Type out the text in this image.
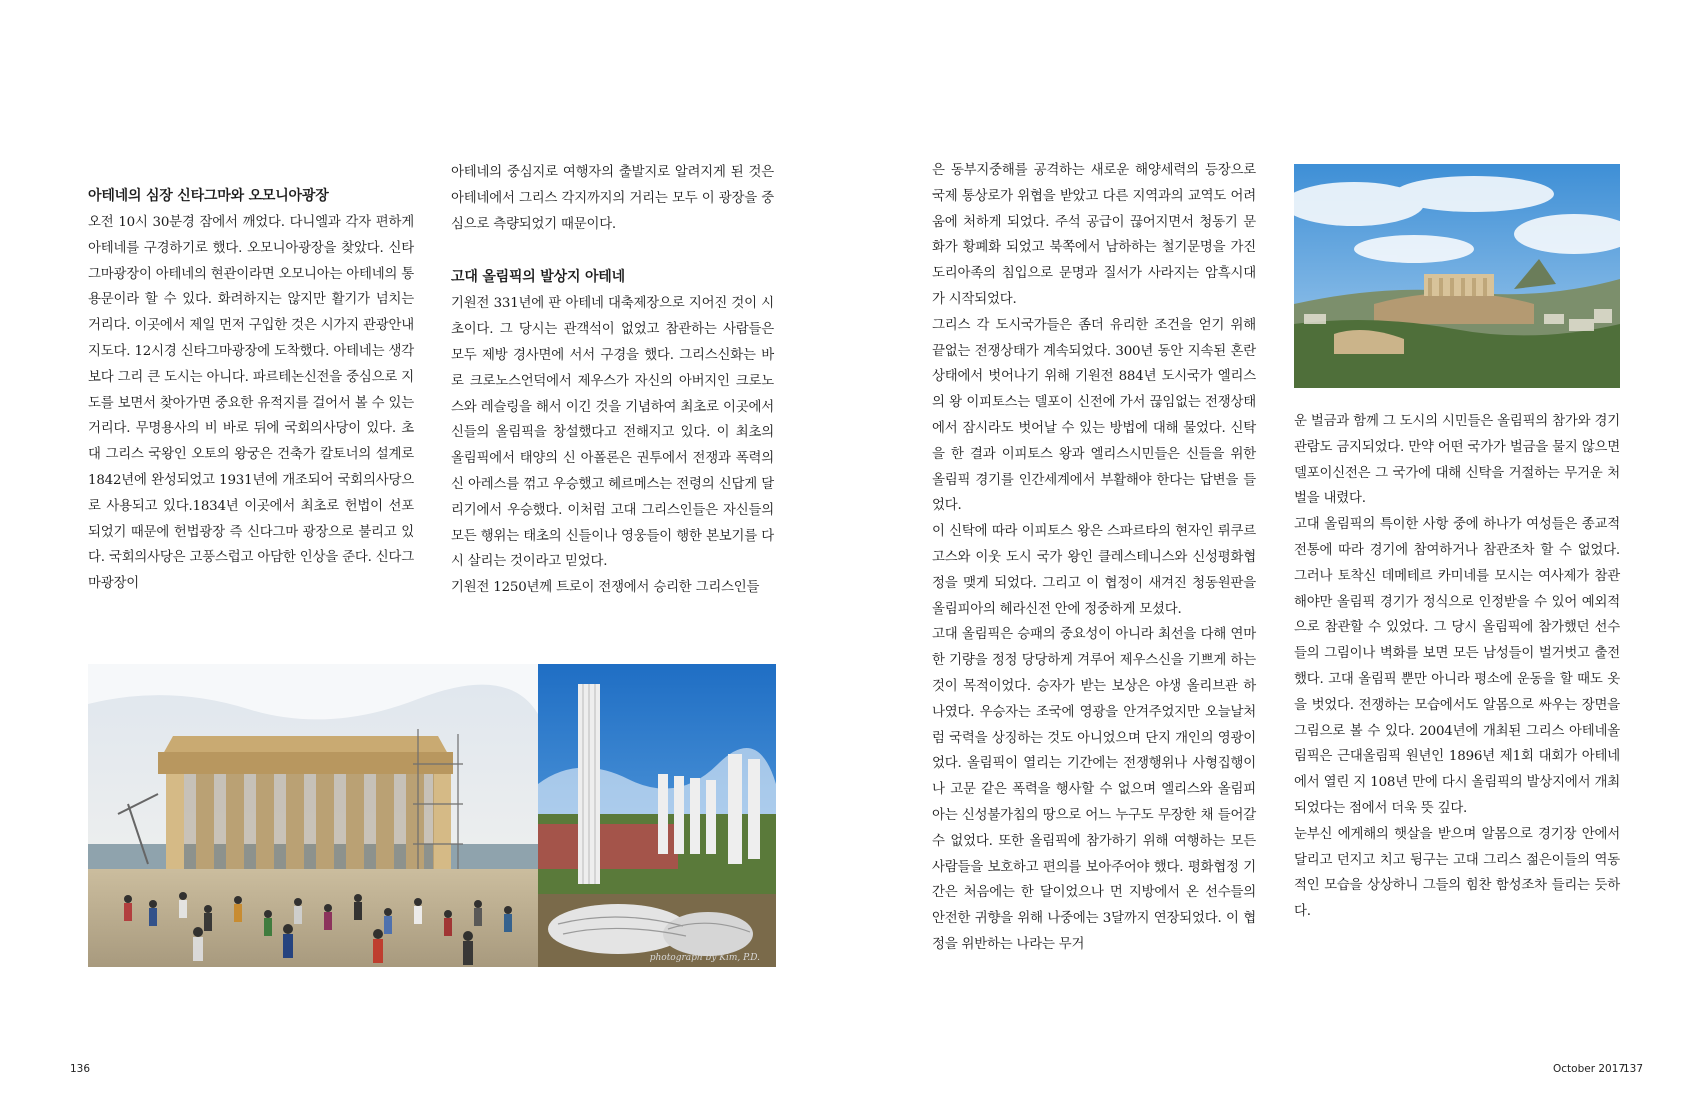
아테네의 심장 신타그마와 오모니아광장

오전 10시 30분경 잠에서 깨었다. 다니엘과 각자 편하게 아테네를 구경하기로 했다. 오모니아광장을 찾았다. 신타그마광장이 아테네의 현관이라면 오모니아는 아테네의 통용문이라 할 수 있다. 화려하지는 않지만 활기가 넘치는 거리다. 이곳에서 제일 먼저 구입한 것은 시가지 관광안내 지도다. 12시경 신타그마광장에 도착했다. 아테네는 생각보다 그리 큰 도시는 아니다. 파르테논신전을 중심으로 지도를 보면서 찾아가면 중요한 유적지를 걸어서 볼 수 있는 거리다. 무명용사의 비 바로 뒤에 국회의사당이 있다. 초대 그리스 국왕인 오토의 왕궁은 건축가 칼토너의 설계로 1842년에 완성되었고 1931년에 개조되어 국회의사당으로 사용되고 있다.1834년 이곳에서 최초로 헌법이 선포되었기 때문에 헌법광장 즉 신다그마 광장으로 불리고 있다. 국회의사당은 고풍스럽고 아담한 인상을 준다. 신다그마광장이

아테네의 중심지로 여행자의 출발지로 알려지게 된 것은 아테네에서 그리스 각지까지의 거리는 모두 이 광장을 중심으로 측량되었기 때문이다.

고대 올림픽의 발상지 아테네

기원전 331년에 판 아테네 대축제장으로 지어진 것이 시초이다. 그 당시는 관객석이 없었고 참관하는 사람들은 모두 제방 경사면에 서서 구경을 했다. 그리스신화는 바로 크로노스언덕에서 제우스가 자신의 아버지인 크로노스와 레슬링을 해서 이긴 것을 기념하여 최초로 이곳에서 신들의 올림픽을 창설했다고 전해지고 있다. 이 최초의 올림픽에서 태양의 신 아폴론은 권투에서 전쟁과 폭력의 신 아레스를 꺾고 우승했고 헤르메스는 전령의 신답게 달리기에서 우승했다. 이처럼 고대 그리스인들은 자신들의 모든 행위는 태초의 신들이나 영웅들이 행한 본보기를 다시 살리는 것이라고 믿었다.

기원전 1250년께 트로이 전쟁에서 승리한 그리스인들

photograph by Kim, P.D.
136

은 동부지중해를 공격하는 새로운 해양세력의 등장으로 국제 통상로가 위협을 받았고 다른 지역과의 교역도 어려움에 처하게 되었다. 주석 공급이 끊어지면서 청동기 문화가 황폐화 되었고 북쪽에서 남하하는 철기문명을 가진 도리아족의 침입으로 문명과 질서가 사라지는 암흑시대가 시작되었다.

그리스 각 도시국가들은 좀더 유리한 조건을 얻기 위해 끝없는 전쟁상태가 계속되었다. 300년 동안 지속된 혼란 상태에서 벗어나기 위해 기원전 884년 도시국가 엘리스의 왕 이피토스는 델포이 신전에 가서 끊임없는 전쟁상태에서 잠시라도 벗어날 수 있는 방법에 대해 물었다. 신탁을 한 결과 이피토스 왕과 엘리스시민들은 신들을 위한 올림픽 경기를 인간세계에서 부활해야 한다는 답변을 들었다.

이 신탁에 따라 이피토스 왕은 스파르타의 현자인 뤼쿠르고스와 이웃 도시 국가 왕인 클레스테니스와 신성평화협정을 맺게 되었다. 그리고 이 협정이 새겨진 청동원판을 올림피아의 헤라신전 안에 정중하게 모셨다.

고대 올림픽은 승패의 중요성이 아니라 최선을 다해 연마한 기량을 정정 당당하게 겨루어 제우스신을 기쁘게 하는 것이 목적이었다. 승자가 받는 보상은 야생 올리브관 하나였다. 우승자는 조국에 영광을 안겨주었지만 오늘날처럼 국력을 상징하는 것도 아니었으며 단지 개인의 영광이었다. 올림픽이 열리는 기간에는 전쟁행위나 사형집행이나 고문 같은 폭력을 행사할 수 없으며 엘리스와 올림피아는 신성불가침의 땅으로 어느 누구도 무장한 채 들어갈 수 없었다. 또한 올림픽에 참가하기 위해 여행하는 모든 사람들을 보호하고 편의를 보아주어야 했다. 평화협정 기간은 처음에는 한 달이었으나 먼 지방에서 온 선수들의 안전한 귀향을 위해 나중에는 3달까지 연장되었다. 이 협정을 위반하는 나라는 무거

운 벌금과 함께 그 도시의 시민들은 올림픽의 참가와 경기관람도 금지되었다. 만약 어떤 국가가 벌금을 물지 않으면 델포이신전은 그 국가에 대해 신탁을 거절하는 무거운 처벌을 내렸다.

고대 올림픽의 특이한 사항 중에 하나가 여성들은 종교적 전통에 따라 경기에 참여하거나 참관조차 할 수 없었다. 그러나 토착신 데메테르 카미네를 모시는 여사제가 참관해야만 올림픽 경기가 정식으로 인정받을 수 있어 예외적으로 참관할 수 있었다. 그 당시 올림픽에 참가했던 선수들의 그림이나 벽화를 보면 모든 남성들이 벌거벗고 출전했다. 고대 올림픽 뿐만 아니라 평소에 운동을 할 때도 옷을 벗었다. 전쟁하는 모습에서도 알몸으로 싸우는 장면을 그림으로 볼 수 있다. 2004년에 개최된 그리스 아테네올림픽은 근대올림픽 원년인 1896년 제1회 대회가 아테네에서 열린 지 108년 만에 다시 올림픽의 발상지에서 개최되었다는 점에서 더욱 뜻 깊다.

눈부신 에게해의 햇살을 받으며 알몸으로 경기장 안에서 달리고 던지고 치고 뒹구는 고대 그리스 젊은이들의 역동적인 모습을 상상하니 그들의 힘찬 함성조차 들리는 듯하다.

October 2017
137
